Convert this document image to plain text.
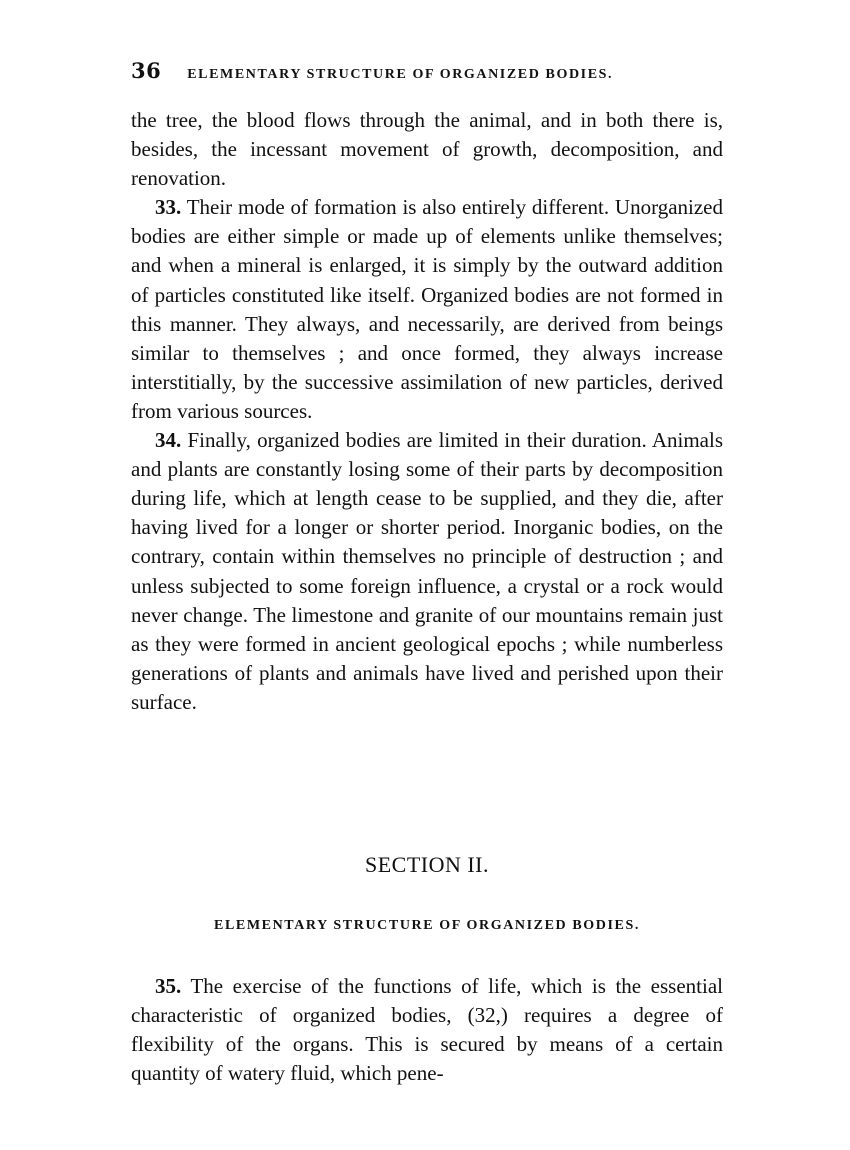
36 ELEMENTARY STRUCTURE OF ORGANIZED BODIES.

the tree, the blood flows through the animal, and in both there is, besides, the incessant movement of growth, decomposition, and renovation.

33. Their mode of formation is also entirely different. Unorganized bodies are either simple or made up of elements unlike themselves; and when a mineral is enlarged, it is simply by the outward addition of particles constituted like itself. Organized bodies are not formed in this manner. They always, and necessarily, are derived from beings similar to themselves ; and once formed, they always increase interstitially, by the successive assimilation of new particles, derived from various sources.

34. Finally, organized bodies are limited in their duration. Animals and plants are constantly losing some of their parts by decomposition during life, which at length cease to be supplied, and they die, after having lived for a longer or shorter period. Inorganic bodies, on the contrary, contain within themselves no principle of destruction ; and unless subjected to some foreign influence, a crystal or a rock would never change. The limestone and granite of our mountains remain just as they were formed in ancient geological epochs ; while numberless generations of plants and animals have lived and perished upon their surface.

SECTION II.
ELEMENTARY STRUCTURE OF ORGANIZED BODIES.

35. The exercise of the functions of life, which is the essential characteristic of organized bodies, (32,) requires a degree of flexibility of the organs. This is secured by means of a certain quantity of watery fluid, which pene-
